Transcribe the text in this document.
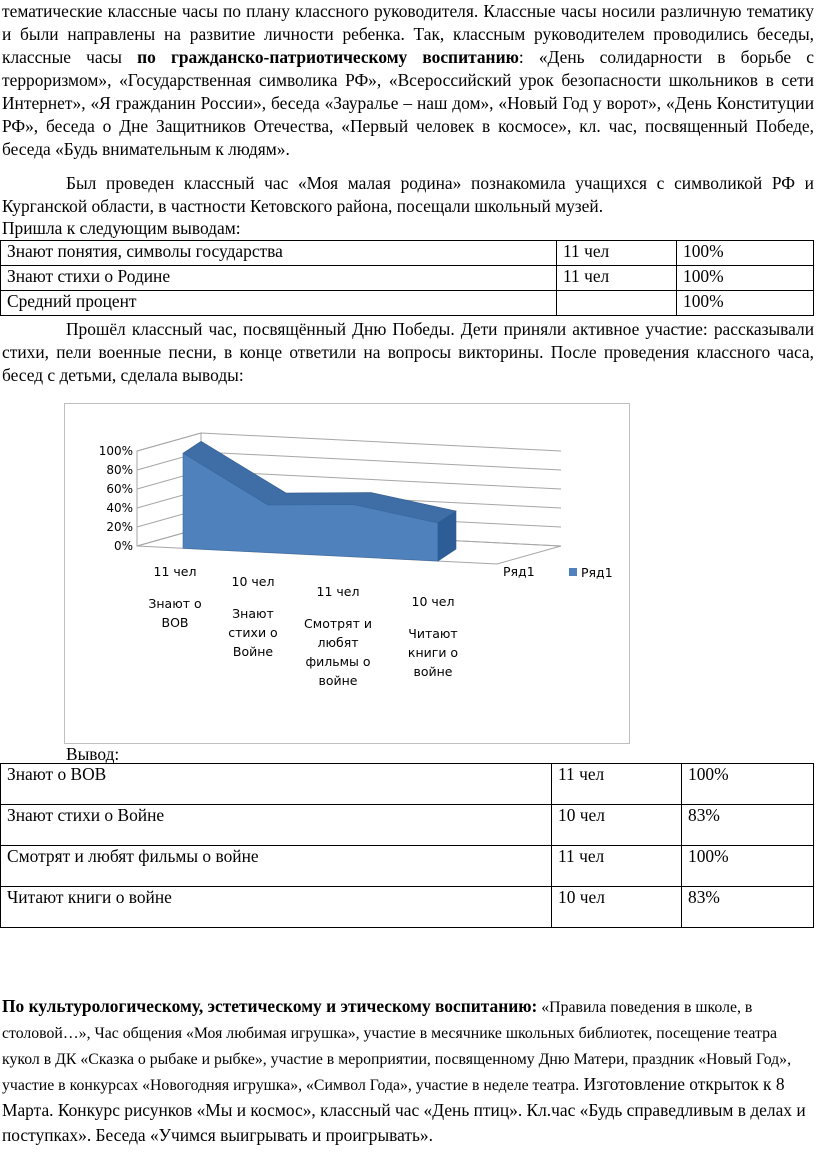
тематические классные часы по плану классного руководителя. Классные часы носили различную тематику и были направлены на развитие личности ребенка. Так, классным руководителем проводились беседы, классные часы по гражданско-патриотическому воспитанию: «День солидарности в борьбе с терроризмом», «Государственная символика РФ», «Всероссийский урок безопасности школьников в сети Интернет», «Я гражданин России», беседа «Зауралье – наш дом», «Новый Год у ворот», «День Конституции РФ», беседа о Дне Защитников Отечества, «Первый человек в космосе», кл. час, посвященный Победе, беседа «Будь внимательным к людям».

Был проведен классный час «Моя малая родина» познакомила учащихся с символикой РФ и Курганской области, в частности Кетовского района, посещали школьный музей.

Пришла к следующим выводам:

Знают понятия, символы государства	11 чел	100%
Знают стихи о Родине	11 чел	100%
Средний процент		100%

Прошёл классный час, посвящённый Дню Победы. Дети приняли активное участие: рассказывали стихи, пели военные песни, в конце ответили на вопросы викторины. После проведения классного часа, бесед с детьми, сделала выводы:

0%
20%
40%
60%
80%
100%
11 чел
Знают о
ВОВ
10 чел
Знают
стихи о
Войне
11 чел
Смотрят и
любят
фильмы о
войне
10 чел
Читают
книги о
войне
Ряд1	Ряд1

Вывод:

Знают о ВОВ	11 чел	100%
Знают стихи о Войне	10 чел	83%
Смотрят и любят фильмы о войне	11 чел	100%
Читают книги о войне	10 чел	83%

По культурологическому, эстетическому и этическому воспитанию: «Правила поведения в школе, в столовой…», Час общения «Моя любимая игрушка», участие в месячнике школьных библиотек, посещение театра кукол в ДК «Сказка о рыбаке и рыбке», участие в мероприятии, посвященному Дню Матери, праздник «Новый Год», участие в конкурсах «Новогодняя игрушка», «Символ Года», участие в неделе театра. Изготовление открыток к 8 Марта. Конкурс рисунков «Мы и космос», классный час «День птиц». Кл.час «Будь справедливым в делах и поступках». Беседа «Учимся выигрывать и проигрывать».
